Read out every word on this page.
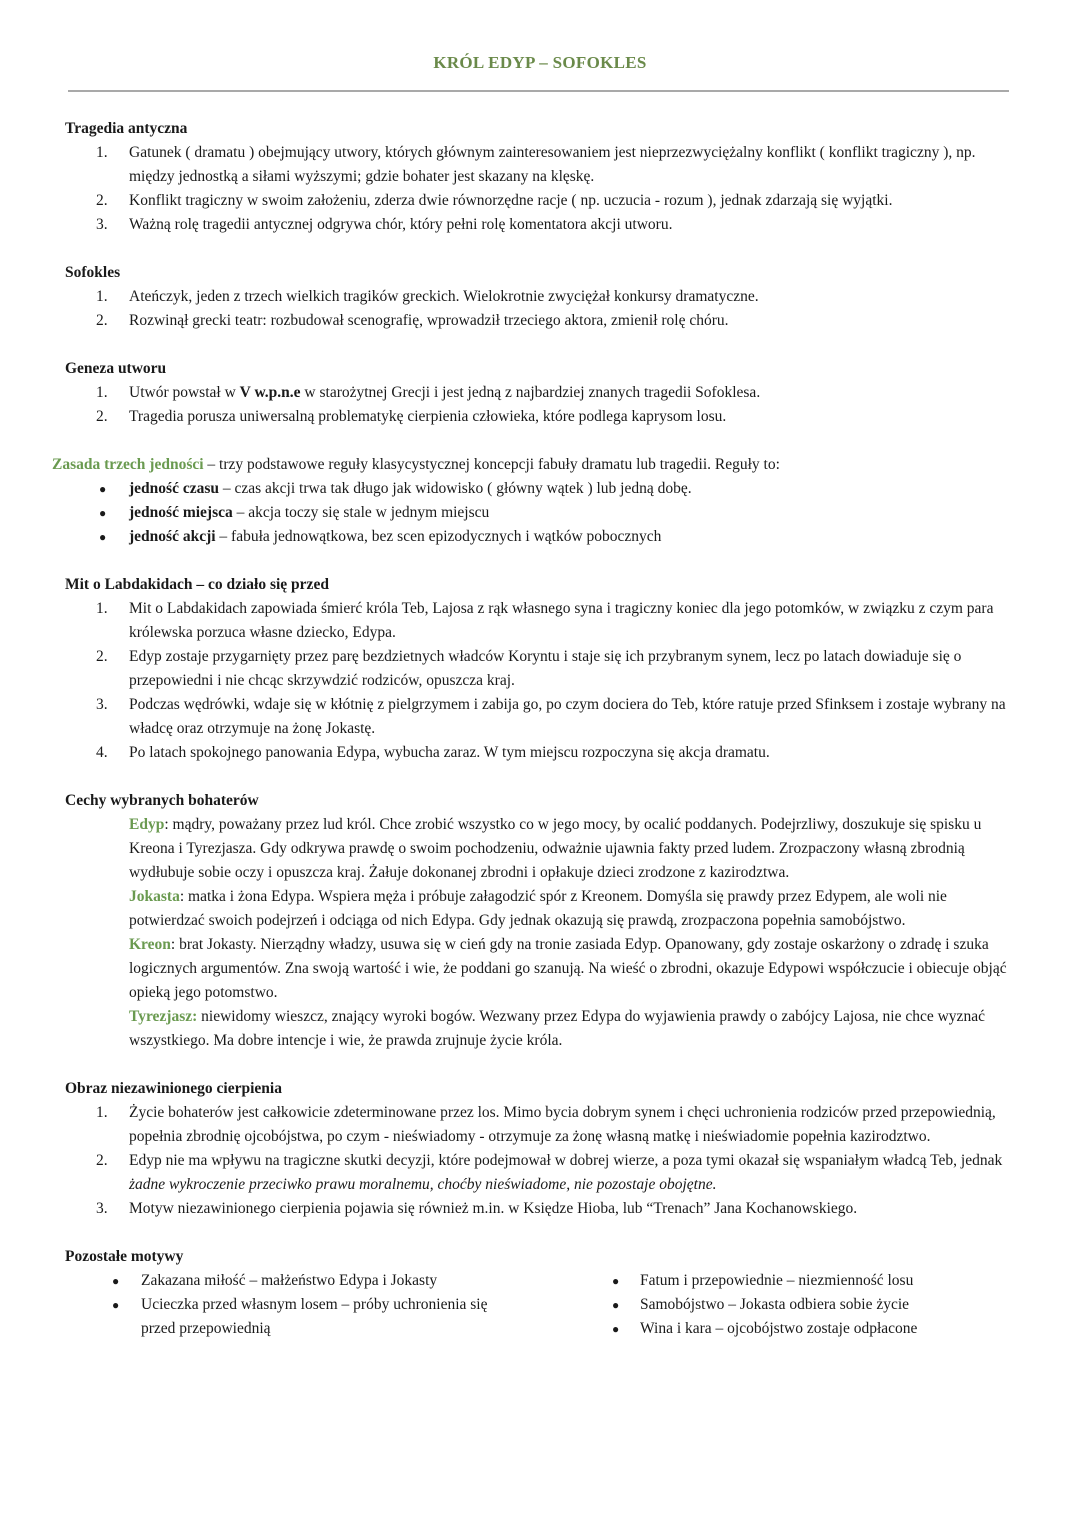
KRÓL EDYP – SOFOKLES
Tragedia antyczna
1. Gatunek ( dramatu ) obejmujący utwory, których głównym zainteresowaniem jest nieprzezwyciężalny konflikt ( konflikt tragiczny ), np. między jednostką a siłami wyższymi; gdzie bohater jest skazany na klęskę.
2. Konflikt tragiczny w swoim założeniu, zderza dwie równorzędne racje ( np. uczucia - rozum ), jednak zdarzają się wyjątki.
3. Ważną rolę tragedii antycznej odgrywa chór, który pełni rolę komentatora akcji utworu.
Sofokles
1. Ateńczyk, jeden z trzech wielkich tragików greckich. Wielokrotnie zwyciężał konkursy dramatyczne.
2. Rozwinął grecki teatr: rozbudował scenografię, wprowadził trzeciego aktora, zmienił rolę chóru.
Geneza utworu
1. Utwór powstał w V w.p.n.e w starożytnej Grecji i jest jedną z najbardziej znanych tragedii Sofoklesa.
2. Tragedia porusza uniwersalną problematykę cierpienia człowieka, które podlega kaprysom losu.
Zasada trzech jedności – trzy podstawowe reguły klasycystycznej koncepcji fabuły dramatu lub tragedii. Reguły to:
● jedność czasu – czas akcji trwa tak długo jak widowisko ( główny wątek ) lub jedną dobę.
● jedność miejsca – akcja toczy się stale w jednym miejscu
● jedność akcji – fabuła jednowątkowa, bez scen epizodycznych i wątków pobocznych
Mit o Labdakidach – co działo się przed
1. Mit o Labdakidach zapowiada śmierć króla Teb, Lajosa z rąk własnego syna i tragiczny koniec dla jego potomków, w związku z czym para królewska porzuca własne dziecko, Edypa.
2. Edyp zostaje przygarnięty przez parę bezdzietnych władców Koryntu i staje się ich przybranym synem, lecz po latach dowiaduje się o przepowiedni i nie chcąc skrzywdzić rodziców, opuszcza kraj.
3. Podczas wędrówki, wdaje się w kłótnię z pielgrzymem i zabija go, po czym dociera do Teb, które ratuje przed Sfinksem i zostaje wybrany na władcę oraz otrzymuje na żonę Jokastę.
4. Po latach spokojnego panowania Edypa, wybucha zaraz. W tym miejscu rozpoczyna się akcja dramatu.
Cechy wybranych bohaterów
Edyp: mądry, poważany przez lud król. Chce zrobić wszystko co w jego mocy, by ocalić poddanych. Podejrzliwy, doszukuje się spisku u Kreona i Tyrezjasza. Gdy odkrywa prawdę o swoim pochodzeniu, odważnie ujawnia fakty przed ludem. Zrozpaczony własną zbrodnią wydłubuje sobie oczy i opuszcza kraj. Żałuje dokonanej zbrodni i opłakuje dzieci zrodzone z kazirodztwa.
Jokasta: matka i żona Edypa. Wspiera męża i próbuje załagodzić spór z Kreonem. Domyśla się prawdy przez Edypem, ale woli nie potwierdzać swoich podejrzeń i odciąga od nich Edypa. Gdy jednak okazują się prawdą, zrozpaczona popełnia samobójstwo.
Kreon: brat Jokasty. Nierządny władzy, usuwa się w cień gdy na tronie zasiada Edyp. Opanowany, gdy zostaje oskarżony o zdradę i szuka logicznych argumentów. Zna swoją wartość i wie, że poddani go szanują. Na wieść o zbrodni, okazuje Edypowi współczucie i obiecuje objąć opieką jego potomstwo.
Tyrezjasz: niewidomy wieszcz, znający wyroki bogów. Wezwany przez Edypa do wyjawienia prawdy o zabójcy Lajosa, nie chce wyznać wszystkiego. Ma dobre intencje i wie, że prawda zrujnuje życie króla.
Obraz niezawinionego cierpienia
1. Życie bohaterów jest całkowicie zdeterminowane przez los. Mimo bycia dobrym synem i chęci uchronienia rodziców przed przepowiednią, popełnia zbrodnię ojcobójstwa, po czym - nieświadomy - otrzymuje za żonę własną matkę i nieświadomie popełnia kazirodztwo.
2. Edyp nie ma wpływu na tragiczne skutki decyzji, które podejmował w dobrej wierze, a poza tymi okazał się wspaniałym władcą Teb, jednak żadne wykroczenie przeciwko prawu moralnemu, choćby nieświadome, nie pozostaje obojętne.
3. Motyw niezawinionego cierpienia pojawia się również m.in. w Księdze Hioba, lub “Trenach” Jana Kochanowskiego.
Pozostałe motywy
● Zakazana miłość – małżeństwo Edypa i Jokasty
● Ucieczka przed własnym losem – próby uchronienia się przed przepowiednią
● Fatum i przepowiednie – niezmienność losu
● Samobójstwo – Jokasta odbiera sobie życie
● Wina i kara – ojcobójstwo zostaje odpłacone
